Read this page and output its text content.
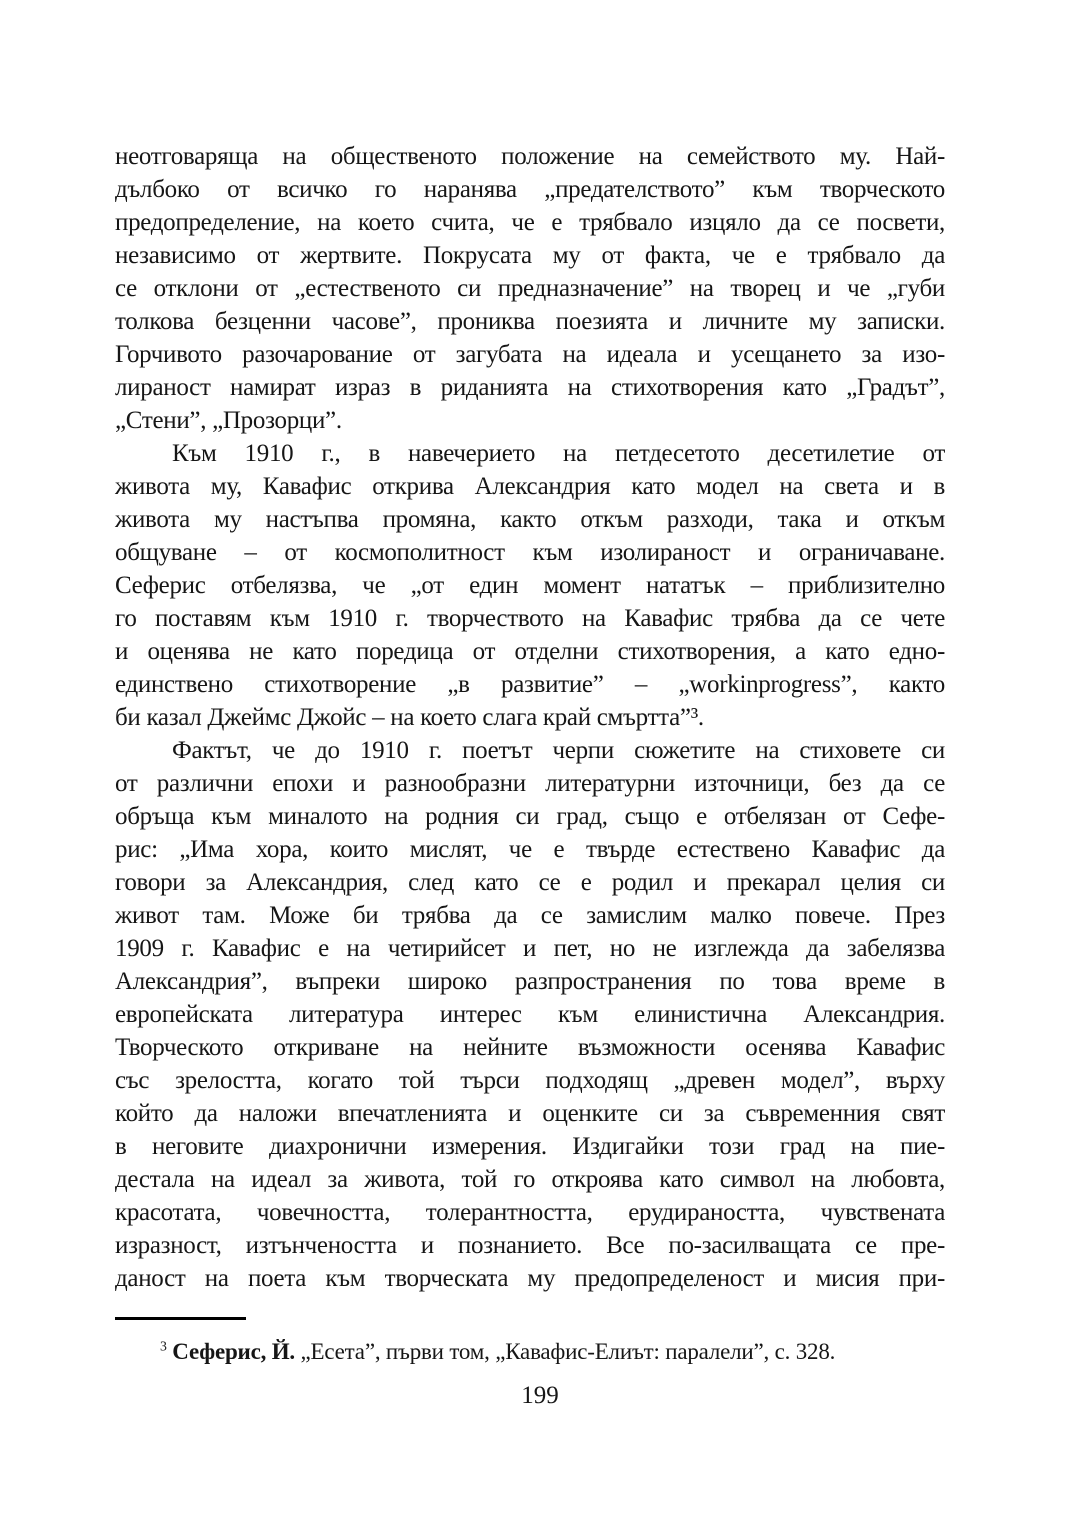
неотговаряща на общественото положение на семейството му. Най-
дълбоко от всичко го наранява „предателството” към творческото
предопределение, на което счита, че е трябвало изцяло да се посвети,
независимо от жертвите. Покрусата му от факта, че е трябвало да
се отклони от „естественото си предназначение” на творец и че „губи
толкова безценни часове”, прониква поезията и личните му записки.
Горчивото разочарование от загубата на идеала и усещането за изо-
лираност намират израз в риданията на стихотворения като „Градът”,
„Стени”, „Прозорци”.
Към 1910 г., в навечерието на петдесетото десетилетие от
живота му, Кавафис открива Александрия като модел на света и в
живота му настъпва промяна, както откъм разходи, така и откъм
общуване – от космополитност към изолираност и ограничаване.
Сеферис отбелязва, че „от един момент нататък – приблизително
го поставям към 1910 г. творчеството на Кавафис трябва да се чете
и оценява не като поредица от отделни стихотворения, а като едно-
единствено стихотворение „в развитие” – „workinprogress”, както
би казал Джеймс Джойс – на което слага край смъртта”³.
Фактът, че до 1910 г. поетът черпи сюжетите на стиховете си
от различни епохи и разнообразни литературни източници, без да се
обръща към миналото на родния си град, също е отбелязан от Сефе-
рис: „Има хора, които мислят, че е твърде естествено Кавафис да
говори за Александрия, след като се е родил и прекарал целия си
живот там. Може би трябва да се замислим малко повече. През
1909 г. Кавафис е на четирийсет и пет, но не изглежда да забелязва
Александрия”, въпреки широко разпространения по това време в
европейската литература интерес към елинистична Александрия.
Творческото откриване на нейните възможности осенява Кавафис
със зрелостта, когато той търси подходящ „древен модел”, върху
който да наложи впечатленията и оценките си за съвременния свят
в неговите диахронични измерения. Издигайки този град на пие-
дестала на идеал за живота, той го откроява като символ на любовта,
красотата, човечността, толерантността, ерудираността, чувствената
изразност, изтънчеността и познанието. Все по-засилващата се пре-
даност на поета към творческата му предопределеност и мисия при-
$^3$ Сеферис, Й. „Есета”, първи том, „Кавафис-Елиът: паралели”, с. 328.
199
